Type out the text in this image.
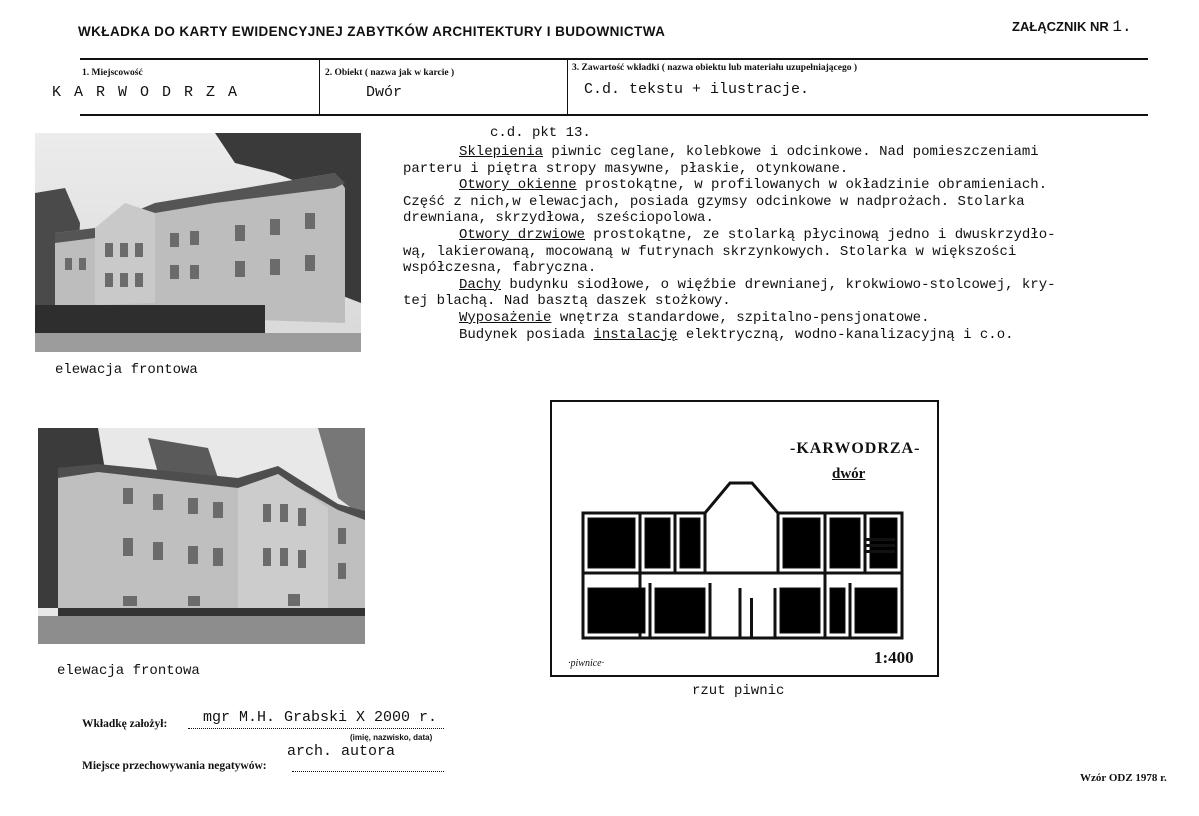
WKŁADKA DO KARTY EWIDENCYJNEJ ZABYTKÓW ARCHITEKTURY I BUDOWNICTWA	ZAŁĄCZNIK NR 1.
1. Miejscowość
K A R W O D R Z A
2. Obiekt ( nazwa jak w karcie )
Dwór
3. Zawartość wkładki ( nazwa obiektu lub materiału uzupełniającego )
C.d. tekstu + ilustracje.
elewacja frontowa
elewacja frontowa
c.d. pkt 13.
Sklepienia piwnic ceglane, kolebkowe i odcinkowe. Nad pomieszczeniami
parteru i piętra stropy masywne, płaskie, otynkowane.
Otwory okienne prostokątne, w profilowanych w okładzinie obramieniach.
Część z nich,w elewacjach, posiada gzymsy odcinkowe w nadprożach. Stolarka
drewniana, skrzydłowa, sześciopolowa.
Otwory drzwiowe prostokątne, ze stolarką płycinową jedno i dwuskrzydło-
wą, lakierowaną, mocowaną w futrynach skrzynkowych. Stolarka w większości
współczesna, fabryczna.
Dachy budynku siodłowe, o więźbie drewnianej, krokwiowo-stolcowej, kry-
tej blachą. Nad basztą daszek stożkowy.
Wyposażenie wnętrza standardowe, szpitalno-pensjonatowe.
Budynek posiada instalację elektryczną, wodno-kanalizacyjną i c.o.
-KARWODRZA-
dwór
·piwnice·	1:400
rzut piwnic
Wkładkę założył: mgr M.H. Grabski X 2000 r.
(imię, nazwisko, data)
arch. autora
Miejsce przechowywania negatywów:
Wzór ODZ 1978 r.
